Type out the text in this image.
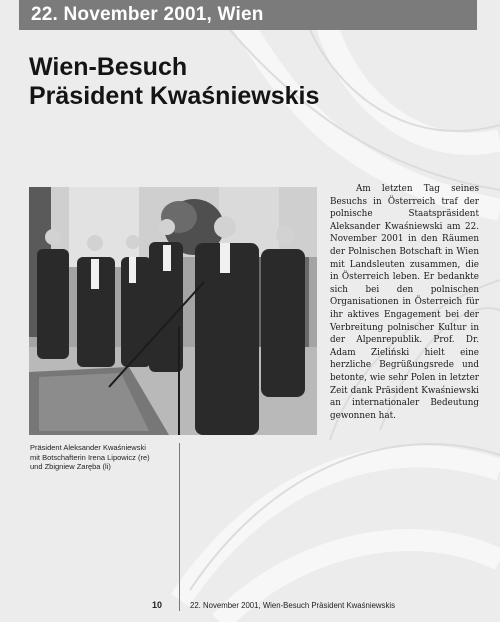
22. November 2001, Wien
Wien-Besuch
Präsident Kwaśniewskis

Am letzten Tag seines Besuchs in Österreich traf der polnische Staatspräsident Aleksander Kwaśniewski am 22. November 2001 in den Räumen der Polnischen Botschaft in Wien mit Landsleuten zusammen, die in Österreich leben. Er bedankte sich bei den polnischen Organisationen in Österreich für ihr aktives Engagement bei der Verbreitung polnischer Kultur in der Alpenrepublik. Prof. Dr. Adam Zieliński hielt eine herzliche Begrüßungsrede und betonte, wie sehr Polen in letzter Zeit dank Präsident Kwaśniewski an internationaler Bedeutung gewonnen hat.

Präsident Aleksander Kwaśniewski
mit Botschafterin Irena Lipowicz (re)
und Zbigniew Zaręba (li)

10	22. November 2001, Wien-Besuch Präsident Kwaśniewskis
